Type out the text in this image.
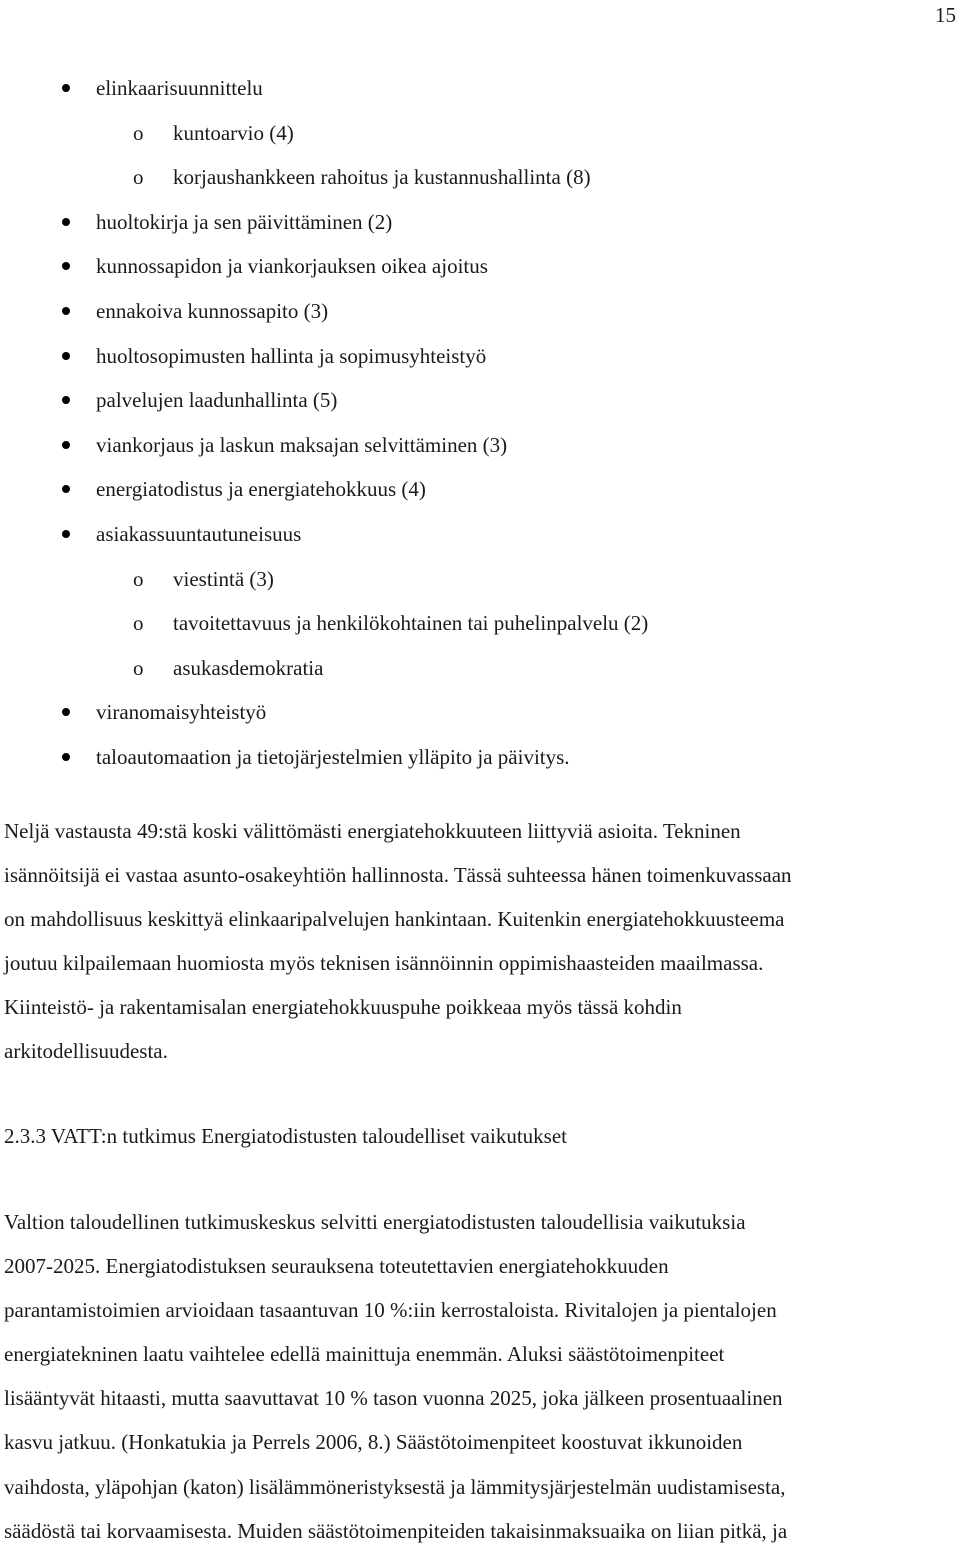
15
elinkaarisuunnittelu
o kuntoarvio (4)
o korjaushankkeen rahoitus ja kustannushallinta (8)
huoltokirja ja sen päivittäminen (2)
kunnossapidon ja viankorjauksen oikea ajoitus
ennakoiva kunnossapito (3)
huoltosopimusten hallinta ja sopimusyhteistyö
palvelujen laadunhallinta (5)
viankorjaus ja laskun maksajan selvittäminen (3)
energiatodistus ja energiatehokkuus (4)
asiakassuuntautuneisuus
o viestintä (3)
o tavoitettavuus ja henkilökohtainen tai puhelinpalvelu (2)
o asukasdemokratia
viranomaisyhteistyö
taloautomaation ja tietojärjestelmien ylläpito ja päivitys.
Neljä vastausta 49:stä koski välittömästi energiatehokkuuteen liittyviä asioita. Tekninen
isännöitsijä ei vastaa asunto-osakeyhtiön hallinnosta. Tässä suhteessa hänen toimenkuvassaan
on mahdollisuus keskittyä elinkaaripalvelujen hankintaan. Kuitenkin energiatehokkuusteema
joutuu kilpailemaan huomiosta myös teknisen isännöinnin oppimishaasteiden maailmassa.
Kiinteistö- ja rakentamisalan energiatehokkuuspuhe poikkeaa myös tässä kohdin
arkitodellisuudesta.
2.3.3 VATT:n tutkimus Energiatodistusten taloudelliset vaikutukset
Valtion taloudellinen tutkimuskeskus selvitti energiatodistusten taloudellisia vaikutuksia
2007-2025. Energiatodistuksen seurauksena toteutettavien energiatehokkuuden
parantamistoimien arvioidaan tasaantuvan 10 %:iin kerrostaloista. Rivitalojen ja pientalojen
energiatekninen laatu vaihtelee edellä mainittuja enemmän. Aluksi säästötoimenpiteet
lisääntyvät hitaasti, mutta saavuttavat 10 % tason vuonna 2025, joka jälkeen prosentuaalinen
kasvu jatkuu. (Honkatukia ja Perrels 2006, 8.) Säästötoimenpiteet koostuvat ikkunoiden
vaihdosta, yläpohjan (katon) lisälämmöneristyksestä ja lämmitysjärjestelmän uudistamisesta,
säädöstä tai korvaamisesta. Muiden säästötoimenpiteiden takaisinmaksuaika on liian pitkä, ja
